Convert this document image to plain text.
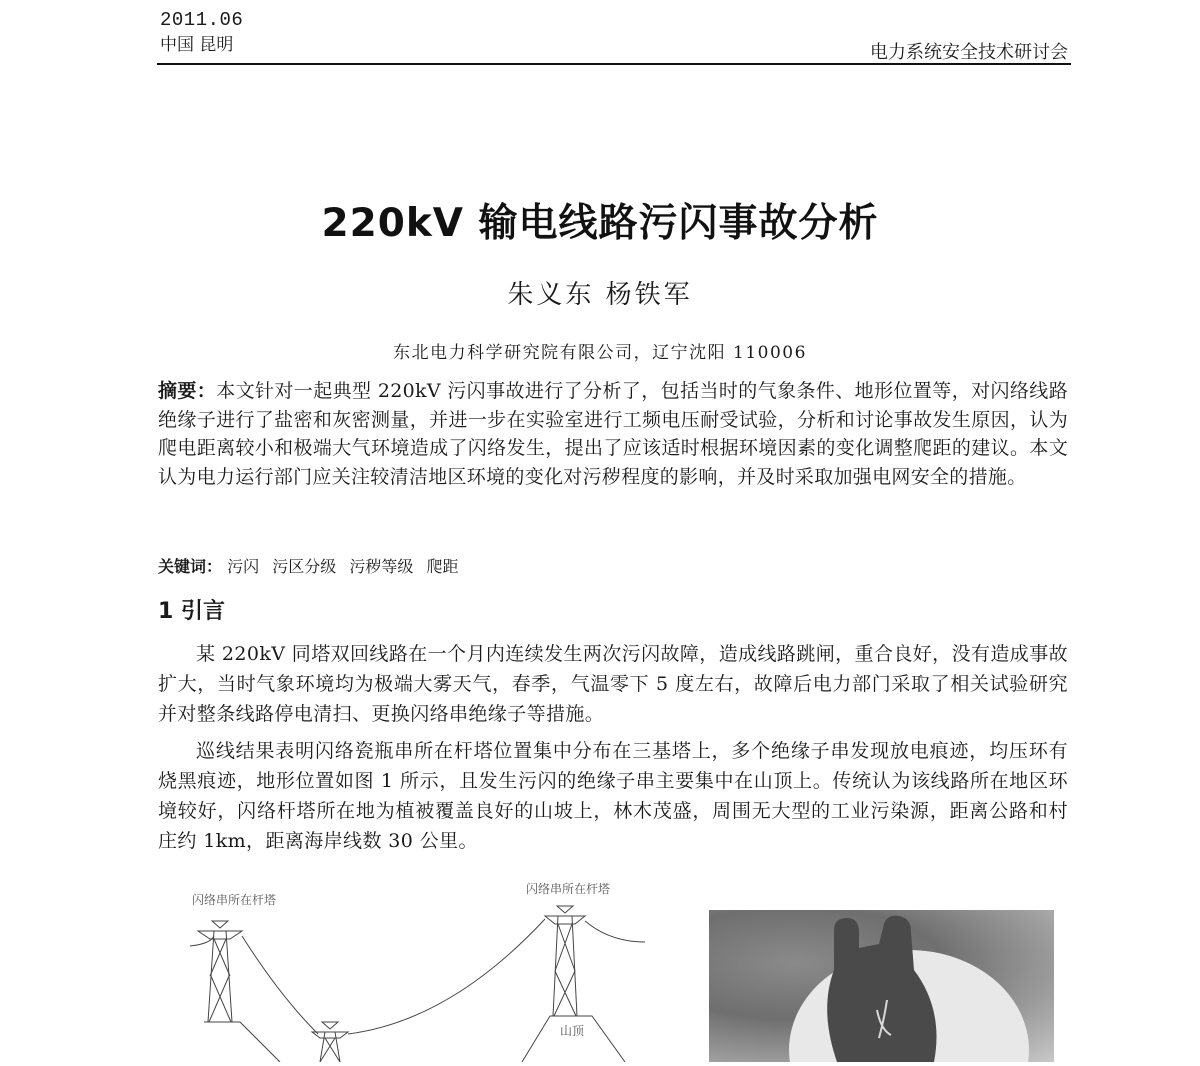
2011.06
中国 昆明	电力系统安全技术研讨会
220kV 输电线路污闪事故分析
朱义东 杨铁军
东北电力科学研究院有限公司，辽宁沈阳 110006
摘要：本文针对一起典型 220kV 污闪事故进行了分析了，包括当时的气象条件、地形位置等，对闪络线路绝缘子进行了盐密和灰密测量，并进一步在实验室进行工频电压耐受试验，分析和讨论事故发生原因，认为爬电距离较小和极端大气环境造成了闪络发生，提出了应该适时根据环境因素的变化调整爬距的建议。本文认为电力运行部门应关注较清洁地区环境的变化对污秽程度的影响，并及时采取加强电网安全的措施。
关键词： 污闪 污区分级 污秽等级 爬距
1 引言
某 220kV 同塔双回线路在一个月内连续发生两次污闪故障，造成线路跳闸，重合良好，没有造成事故扩大，当时气象环境均为极端大雾天气，春季，气温零下 5 度左右，故障后电力部门采取了相关试验研究并对整条线路停电清扫、更换闪络串绝缘子等措施。
巡线结果表明闪络瓷瓶串所在杆塔位置集中分布在三基塔上，多个绝缘子串发现放电痕迹，均压环有烧黑痕迹，地形位置如图 1 所示，且发生污闪的绝缘子串主要集中在山顶上。传统认为该线路所在地区环境较好，闪络杆塔所在地为植被覆盖良好的山坡上，林木茂盛，周围无大型的工业污染源，距离公路和村庄约 1km，距离海岸线数 30 公里。
闪络串所在杆塔
闪络串所在杆塔
山顶
